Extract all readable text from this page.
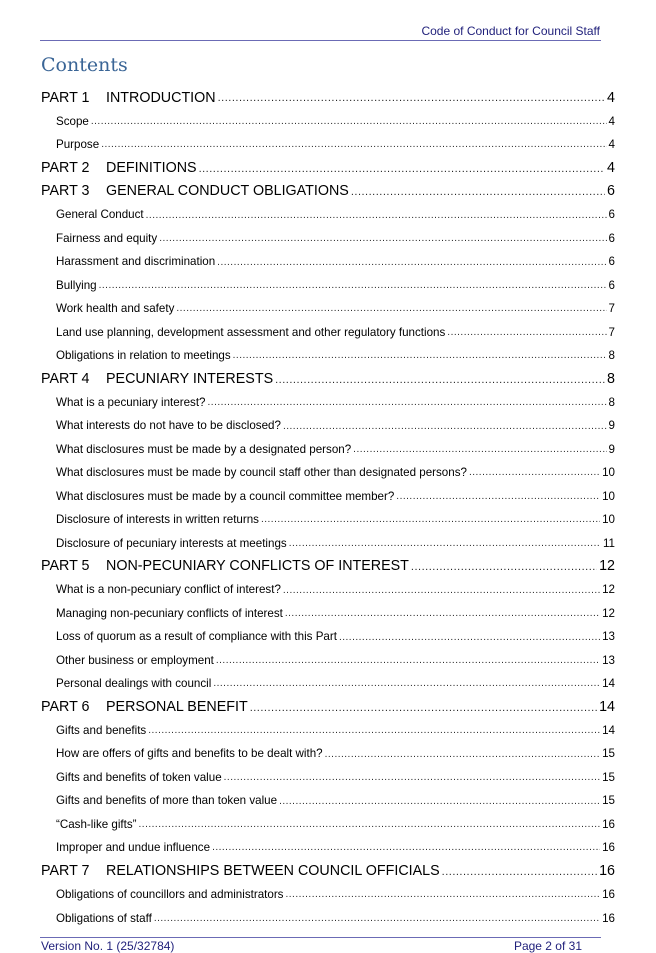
Code of Conduct for Council Staff
Contents
PART 1	INTRODUCTION .....	4
Scope .....	4
Purpose .....	4
PART 2	DEFINITIONS .....	4
PART 3	GENERAL CONDUCT OBLIGATIONS .....	6
General Conduct .....	6
Fairness and equity .....	6
Harassment and discrimination .....	6
Bullying .....	6
Work health and safety .....	7
Land use planning, development assessment and other regulatory functions .....	7
Obligations in relation to meetings .....	8
PART 4	PECUNIARY INTERESTS .....	8
What is a pecuniary interest? .....	8
What interests do not have to be disclosed? .....	9
What disclosures must be made by a designated person? .....	9
What disclosures must be made by council staff other than designated persons? .....	10
What disclosures must be made by a council committee member? .....	10
Disclosure of interests in written returns .....	10
Disclosure of pecuniary interests at meetings .....	11
PART 5	NON-PECUNIARY CONFLICTS OF INTEREST .....	12
What is a non-pecuniary conflict of interest? .....	12
Managing non-pecuniary conflicts of interest .....	12
Loss of quorum as a result of compliance with this Part .....	13
Other business or employment .....	13
Personal dealings with council .....	14
PART 6	PERSONAL BENEFIT .....	14
Gifts and benefits .....	14
How are offers of gifts and benefits to be dealt with? .....	15
Gifts and benefits of token value .....	15
Gifts and benefits of more than token value .....	15
“Cash-like gifts” .....	16
Improper and undue influence .....	16
PART 7	RELATIONSHIPS BETWEEN COUNCIL OFFICIALS .....	16
Obligations of councillors and administrators .....	16
Obligations of staff .....	16
Version No. 1 (25/32784)	Page 2 of 31
